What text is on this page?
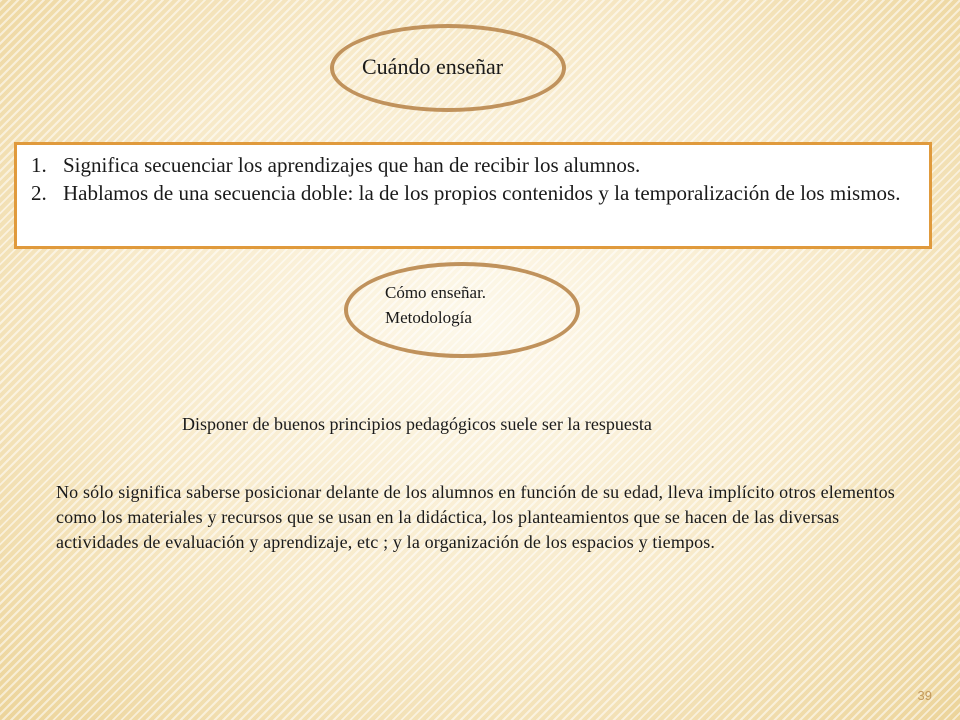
Cuándo enseñar
1. Significa secuenciar los aprendizajes que han de recibir los alumnos.
2. Hablamos de una secuencia doble: la de los propios contenidos y la temporalización de los mismos.
Cómo enseñar.
Metodología
Disponer de buenos principios pedagógicos suele ser la respuesta
No sólo significa saberse posicionar delante de los alumnos en función de su edad, lleva implícito otros elementos como los materiales y recursos que se usan en la didáctica, los planteamientos que se hacen de las diversas actividades de evaluación y aprendizaje, etc ; y la organización de los espacios y tiempos.
39
